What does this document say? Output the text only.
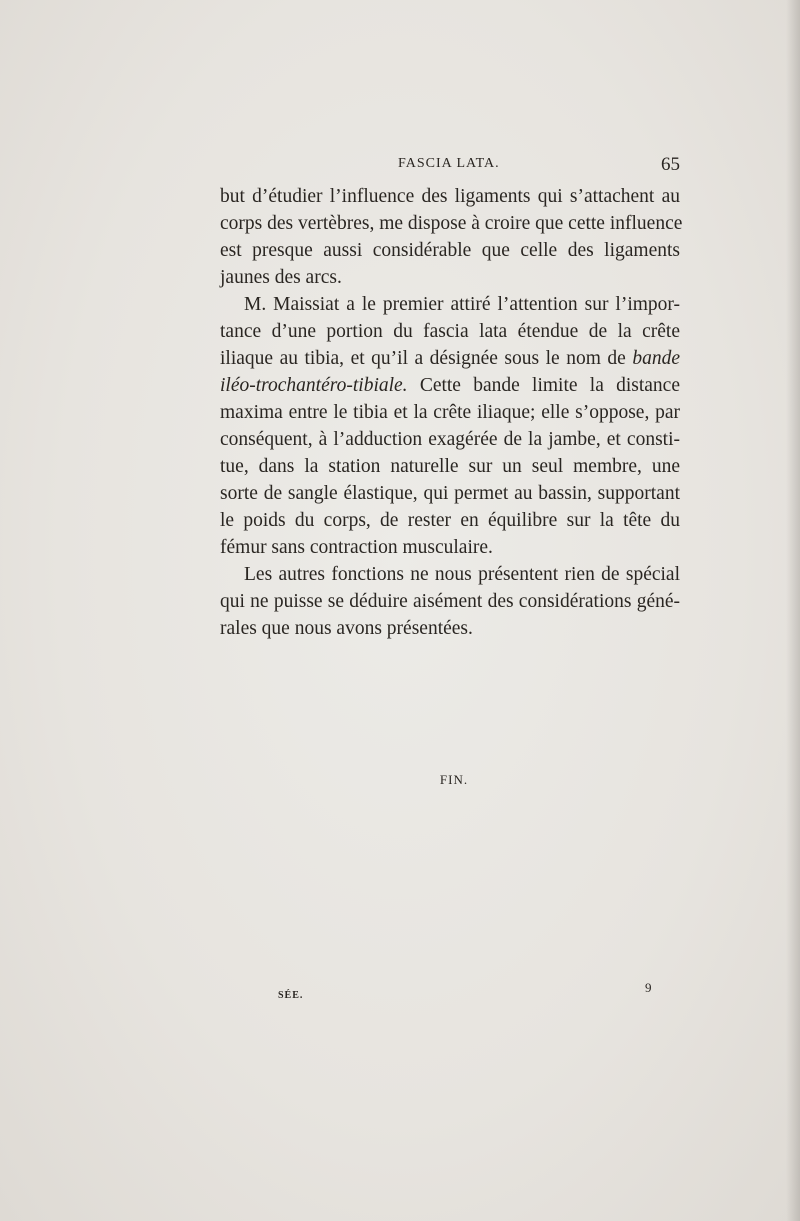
FASCIA LATA.	65

but d’étudier l’influence des ligaments qui s’attachent au
corps des vertèbres, me dispose à croire que cette influence
est presque aussi considérable que celle des ligaments
jaunes des arcs.

M. Maissiat a le premier attiré l’attention sur l’impor-
tance d’une portion du fascia lata étendue de la crête
iliaque au tibia, et qu’il a désignée sous le nom de bande
iléo-trochantéro-tibiale. Cette bande limite la distance
maxima entre le tibia et la crête iliaque; elle s’oppose, par
conséquent, à l’adduction exagérée de la jambe, et consti-
tue, dans la station naturelle sur un seul membre, une
sorte de sangle élastique, qui permet au bassin, supportant
le poids du corps, de rester en équilibre sur la tête du
fémur sans contraction musculaire.

Les autres fonctions ne nous présentent rien de spécial
qui ne puisse se déduire aisément des considérations géné-
rales que nous avons présentées.

FIN.
SÉE.
9
